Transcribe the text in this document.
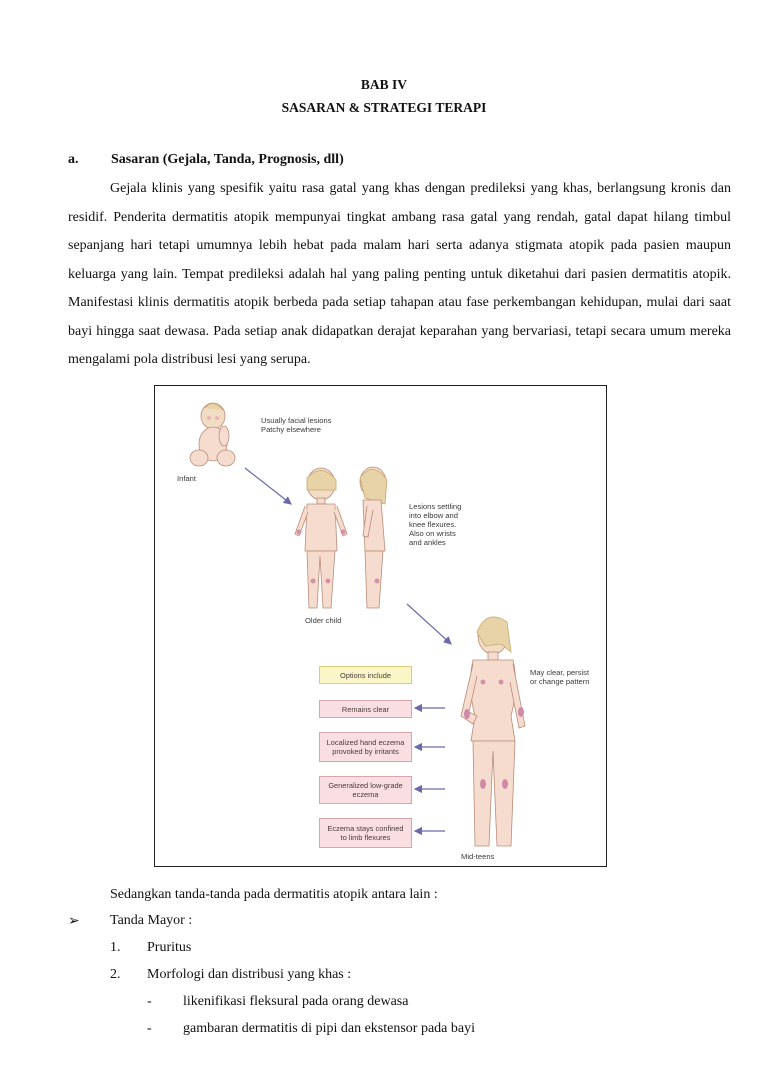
BAB IV
SASARAN & STRATEGI TERAPI
a. Sasaran (Gejala, Tanda, Prognosis, dll)
Gejala klinis yang spesifik yaitu rasa gatal yang khas dengan predileksi yang khas, berlangsung kronis dan residif. Penderita dermatitis atopik mempunyai tingkat ambang rasa gatal yang rendah, gatal dapat hilang timbul sepanjang hari tetapi umumnya lebih hebat pada malam hari serta adanya stigmata atopik pada pasien maupun keluarga yang lain. Tempat predileksi adalah hal yang paling penting untuk diketahui dari pasien dermatitis atopik. Manifestasi klinis dermatitis atopik berbeda pada setiap tahapan atau fase perkembangan kehidupan, mulai dari saat bayi hingga saat dewasa. Pada setiap anak didapatkan derajat keparahan yang bervariasi, tetapi secara umum mereka mengalami pola distribusi lesi yang serupa.
Infant
Usually facial lesions
Patchy elsewhere
Older child
Lesions settling
into elbow and
knee flexures.
Also on wrists
and ankles
May clear, persist
or change pattern
Mid-teens
Options include
Remains clear
Localized hand eczema
provoked by irritants
Generalized low-grade
eczema
Eczema stays confined
to limb flexures
Sedangkan tanda-tanda pada dermatitis atopik antara lain :
➢ Tanda Mayor :
1. Pruritus
2. Morfologi dan distribusi yang khas :
- likenifikasi fleksural pada orang dewasa
- gambaran dermatitis di pipi dan ekstensor pada bayi
